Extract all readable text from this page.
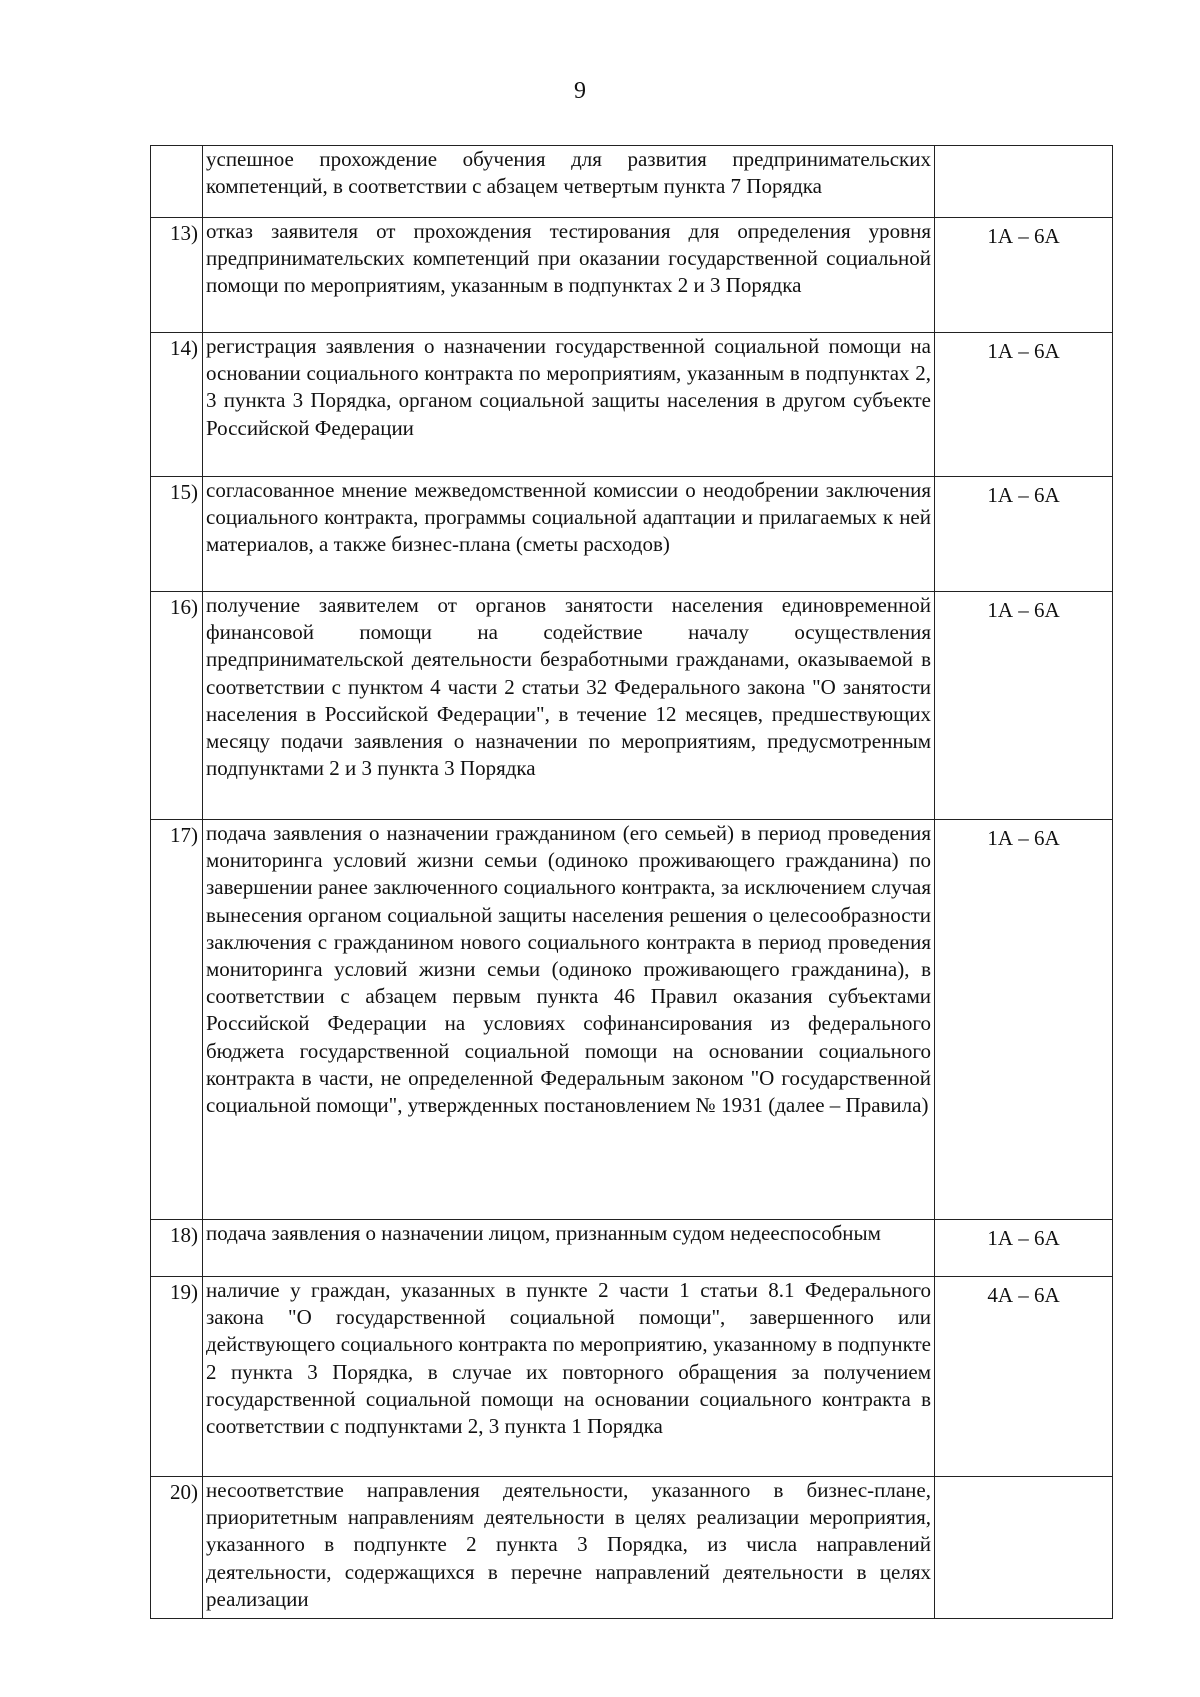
9
	успешное прохождение обучения для развития предпринимательских компетенций, в соответствии с абзацем четвертым пункта 7 Порядка	
13)	отказ заявителя от прохождения тестирования для определения уровня предпринимательских компетенций при оказании государственной социальной помощи по мероприятиям, указанным в подпунктах 2 и 3 Порядка	1А – 6А
14)	регистрация заявления о назначении государственной социальной помощи на основании социального контракта по мероприятиям, указанным в подпунктах 2, 3 пункта 3 Порядка, органом социальной защиты населения в другом субъекте Российской Федерации	1А – 6А
15)	согласованное мнение межведомственной комиссии о неодобрении заключения социального контракта, программы социальной адаптации и прилагаемых к ней материалов, а также бизнес-плана (сметы расходов)	1А – 6А
16)	получение заявителем от органов занятости населения единовременной финансовой помощи на содействие началу осуществления предпринимательской деятельности безработными гражданами, оказываемой в соответствии с пунктом 4 части 2 статьи 32 Федерального закона "О занятости населения в Российской Федерации", в течение 12 месяцев, предшествующих месяцу подачи заявления о назначении по мероприятиям, предусмотренным подпунктами 2 и 3 пункта 3 Порядка	1А – 6А
17)	подача заявления о назначении гражданином (его семьей) в период проведения мониторинга условий жизни семьи (одиноко проживающего гражданина) по завершении ранее заключенного социального контракта, за исключением случая вынесения органом социальной защиты населения решения о целесообразности заключения с гражданином нового социального контракта в период проведения мониторинга условий жизни семьи (одиноко проживающего гражданина), в соответствии с абзацем первым пункта 46 Правил оказания субъектами Российской Федерации на условиях софинансирования из федерального бюджета государственной социальной помощи на основании социального контракта в части, не определенной Федеральным законом "О государственной социальной помощи", утвержденных постановлением № 1931 (далее – Правила)	1А – 6А
18)	подача заявления о назначении лицом, признанным судом недееспособным	1А – 6А
19)	наличие у граждан, указанных в пункте 2 части 1 статьи 8.1 Федерального закона "О государственной социальной помощи", завершенного или действующего социального контракта по мероприятию, указанному в подпункте 2 пункта 3 Порядка, в случае их повторного обращения за получением государственной социальной помощи на основании социального контракта в соответствии с подпунктами 2, 3 пункта 1 Порядка	4А – 6А
20)	несоответствие направления деятельности, указанного в бизнес-плане, приоритетным направлениям деятельности в целях реализации мероприятия, указанного в подпункте 2 пункта 3 Порядка, из числа направлений деятельности, содержащихся в перечне направлений деятельности в целях реализации	
